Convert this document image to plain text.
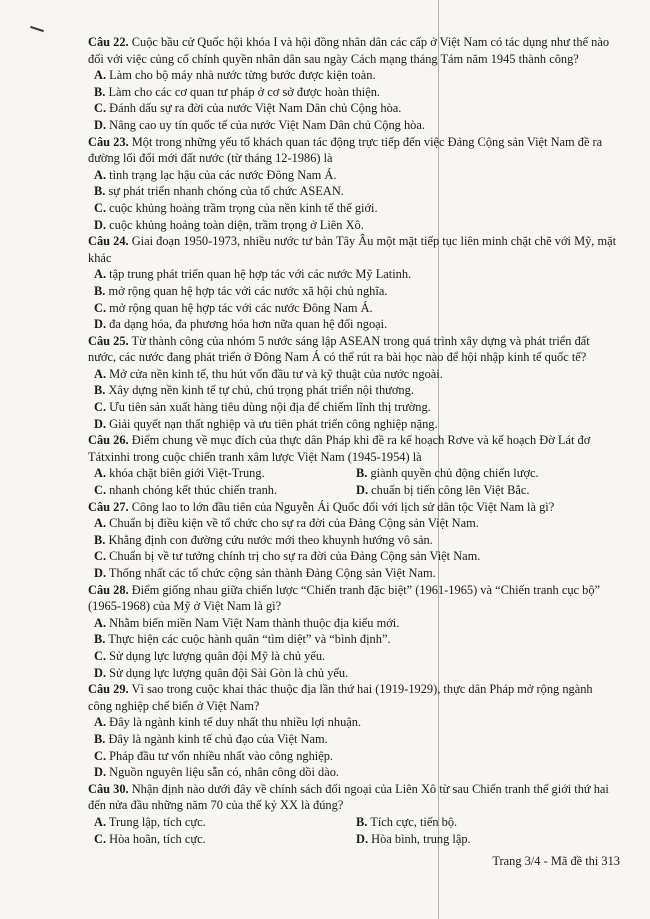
Câu 22. Cuộc bầu cử Quốc hội khóa I và hội đồng nhân dân các cấp ở Việt Nam có tác dụng như thế nào đối với việc củng cố chính quyền nhân dân sau ngày Cách mạng tháng Tám năm 1945 thành công?

A. Làm cho bộ máy nhà nước từng bước được kiện toàn.
B. Làm cho các cơ quan tư pháp ở cơ sở được hoàn thiện.
C. Đánh dấu sự ra đời của nước Việt Nam Dân chủ Cộng hòa.
D. Nâng cao uy tín quốc tế của nước Việt Nam Dân chủ Cộng hòa.

Câu 23. Một trong những yếu tố khách quan tác động trực tiếp đến việc Đảng Cộng sản Việt Nam đề ra đường lối đổi mới đất nước (từ tháng 12-1986) là

A. tình trạng lạc hậu của các nước Đông Nam Á.
B. sự phát triển nhanh chóng của tổ chức ASEAN.
C. cuộc khủng hoảng trầm trọng của nền kinh tế thế giới.
D. cuộc khủng hoảng toàn diện, trầm trọng ở Liên Xô.

Câu 24. Giai đoạn 1950-1973, nhiều nước tư bản Tây Âu một mặt tiếp tục liên minh chặt chẽ với Mỹ, mặt khác

A. tập trung phát triển quan hệ hợp tác với các nước Mỹ Latinh.
B. mở rộng quan hệ hợp tác với các nước xã hội chủ nghĩa.
C. mở rộng quan hệ hợp tác với các nước Đông Nam Á.
D. đa dạng hóa, đa phương hóa hơn nữa quan hệ đối ngoại.

Câu 25. Từ thành công của nhóm 5 nước sáng lập ASEAN trong quá trình xây dựng và phát triển đất nước, các nước đang phát triển ở Đông Nam Á có thể rút ra bài học nào để hội nhập kinh tế quốc tế?

A. Mở cửa nền kinh tế, thu hút vốn đầu tư và kỹ thuật của nước ngoài.
B. Xây dựng nền kinh tế tự chủ, chú trọng phát triển nội thương.
C. Ưu tiên sản xuất hàng tiêu dùng nội địa để chiếm lĩnh thị trường.
D. Giải quyết nạn thất nghiệp và ưu tiên phát triển công nghiệp nặng.

Câu 26. Điểm chung về mục đích của thực dân Pháp khi đề ra kế hoạch Rơve và kế hoạch Đờ Lát đơ Tátxinhi trong cuộc chiến tranh xâm lược Việt Nam (1945-1954) là

A. khóa chặt biên giới Việt-Trung.	B. giành quyền chủ động chiến lược.
C. nhanh chóng kết thúc chiến tranh.	D. chuẩn bị tiến công lên Việt Bắc.

Câu 27. Công lao to lớn đầu tiên của Nguyễn Ái Quốc đối với lịch sử dân tộc Việt Nam là gì?

A. Chuẩn bị điều kiện về tổ chức cho sự ra đời của Đảng Cộng sản Việt Nam.
B. Khẳng định con đường cứu nước mới theo khuynh hướng vô sản.
C. Chuẩn bị về tư tưởng chính trị cho sự ra đời của Đảng Cộng sản Việt Nam.
D. Thống nhất các tổ chức cộng sản thành Đảng Cộng sản Việt Nam.

Câu 28. Điểm giống nhau giữa chiến lược “Chiến tranh đặc biệt” (1961-1965) và “Chiến tranh cục bộ” (1965-1968) của Mỹ ở Việt Nam là gì?

A. Nhằm biến miền Nam Việt Nam thành thuộc địa kiểu mới.
B. Thực hiện các cuộc hành quân “tìm diệt” và “bình định”.
C. Sử dụng lực lượng quân đội Mỹ là chủ yếu.
D. Sử dụng lực lượng quân đội Sài Gòn là chủ yếu.

Câu 29. Vì sao trong cuộc khai thác thuộc địa lần thứ hai (1919-1929), thực dân Pháp mở rộng ngành công nghiệp chế biến ở Việt Nam?

A. Đây là ngành kinh tế duy nhất thu nhiều lợi nhuận.
B. Đây là ngành kinh tế chủ đạo của Việt Nam.
C. Pháp đầu tư vốn nhiều nhất vào công nghiệp.
D. Nguồn nguyên liệu sẵn có, nhân công dồi dào.

Câu 30. Nhận định nào dưới đây về chính sách đối ngoại của Liên Xô từ sau Chiến tranh thế giới thứ hai đến nửa đầu những năm 70 của thế kỷ XX là đúng?

A. Trung lập, tích cực.	B. Tích cực, tiến bộ.
C. Hòa hoãn, tích cực.	D. Hòa bình, trung lập.
Trang 3/4 - Mã đề thi 313
